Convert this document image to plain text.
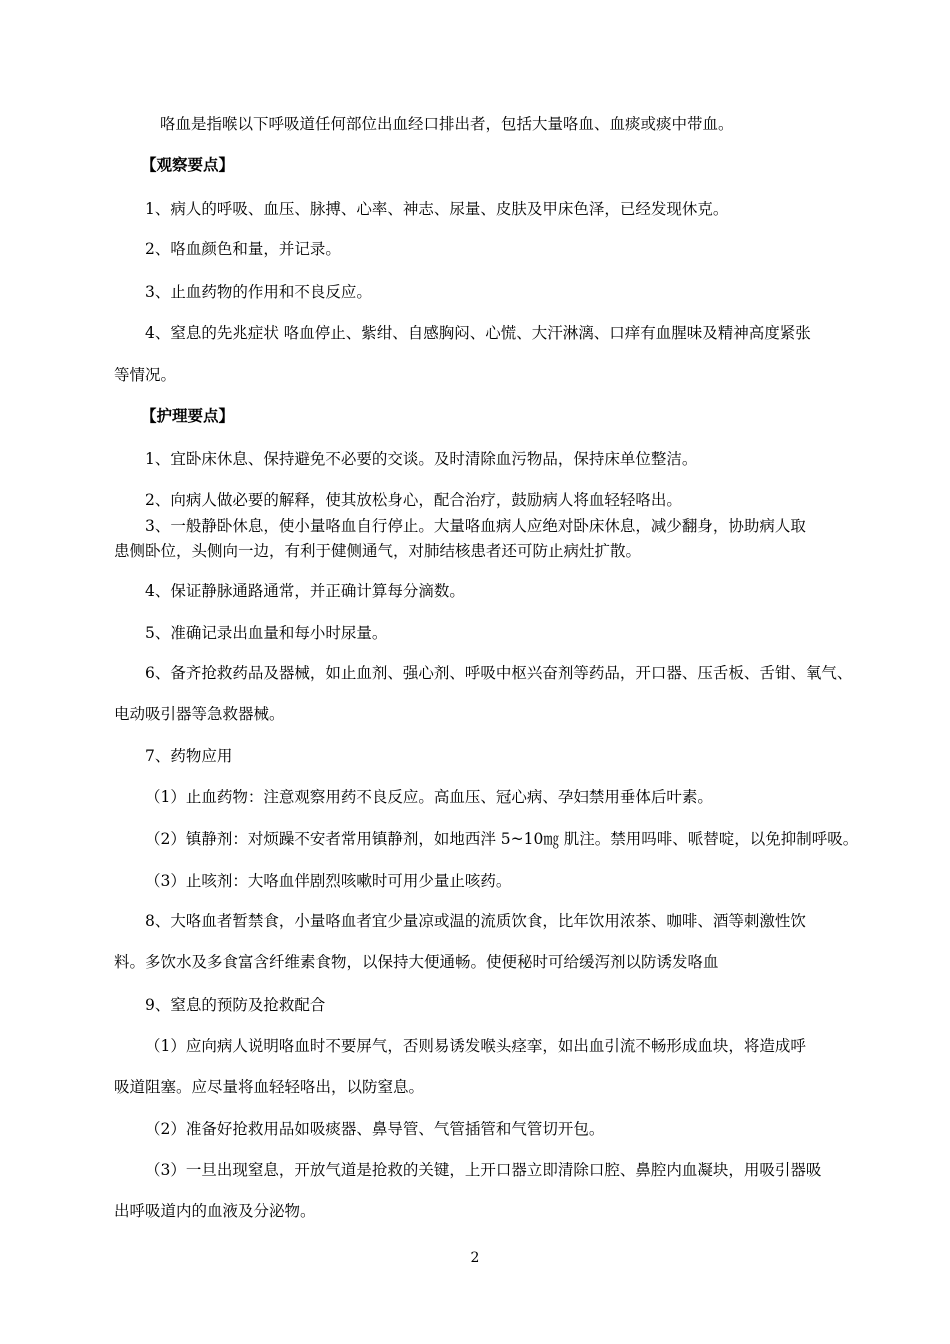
咯血是指喉以下呼吸道任何部位出血经口排出者，包括大量咯血、血痰或痰中带血。
【观察要点】
1、病人的呼吸、血压、脉搏、心率、神志、尿量、皮肤及甲床色泽，已经发现休克。
2、咯血颜色和量，并记录。
3、止血药物的作用和不良反应。
4、窒息的先兆症状 咯血停止、紫绀、自感胸闷、心慌、大汗淋漓、口痒有血腥味及精神高度紧张
等情况。
【护理要点】
1、宜卧床休息、保持避免不必要的交谈。及时清除血污物品，保持床单位整洁。
2、向病人做必要的解释，使其放松身心，配合治疗，鼓励病人将血轻轻咯出。
3、一般静卧休息，使小量咯血自行停止。大量咯血病人应绝对卧床休息，减少翻身，协助病人取
患侧卧位，头侧向一边，有利于健侧通气，对肺结核患者还可防止病灶扩散。
4、保证静脉通路通常，并正确计算每分滴数。
5、准确记录出血量和每小时尿量。
6、备齐抢救药品及器械，如止血剂、强心剂、呼吸中枢兴奋剂等药品，开口器、压舌板、舌钳、氧气、
电动吸引器等急救器械。
7、药物应用
（1）止血药物：注意观察用药不良反应。高血压、冠心病、孕妇禁用垂体后叶素。
（2）镇静剂：对烦躁不安者常用镇静剂，如地西泮 5~10㎎ 肌注。禁用吗啡、哌替啶，以免抑制呼吸。
（3）止咳剂：大咯血伴剧烈咳嗽时可用少量止咳药。
8、大咯血者暂禁食，小量咯血者宜少量凉或温的流质饮食，比年饮用浓茶、咖啡、酒等刺激性饮
料。多饮水及多食富含纤维素食物，以保持大便通畅。使便秘时可给缓泻剂以防诱发咯血
9、窒息的预防及抢救配合
（1）应向病人说明咯血时不要屏气，否则易诱发喉头痉挛，如出血引流不畅形成血块，将造成呼
吸道阻塞。应尽量将血轻轻咯出，以防窒息。
（2）准备好抢救用品如吸痰器、鼻导管、气管插管和气管切开包。
（3）一旦出现窒息，开放气道是抢救的关键，上开口器立即清除口腔、鼻腔内血凝块，用吸引器吸
出呼吸道内的血液及分泌物。
2
